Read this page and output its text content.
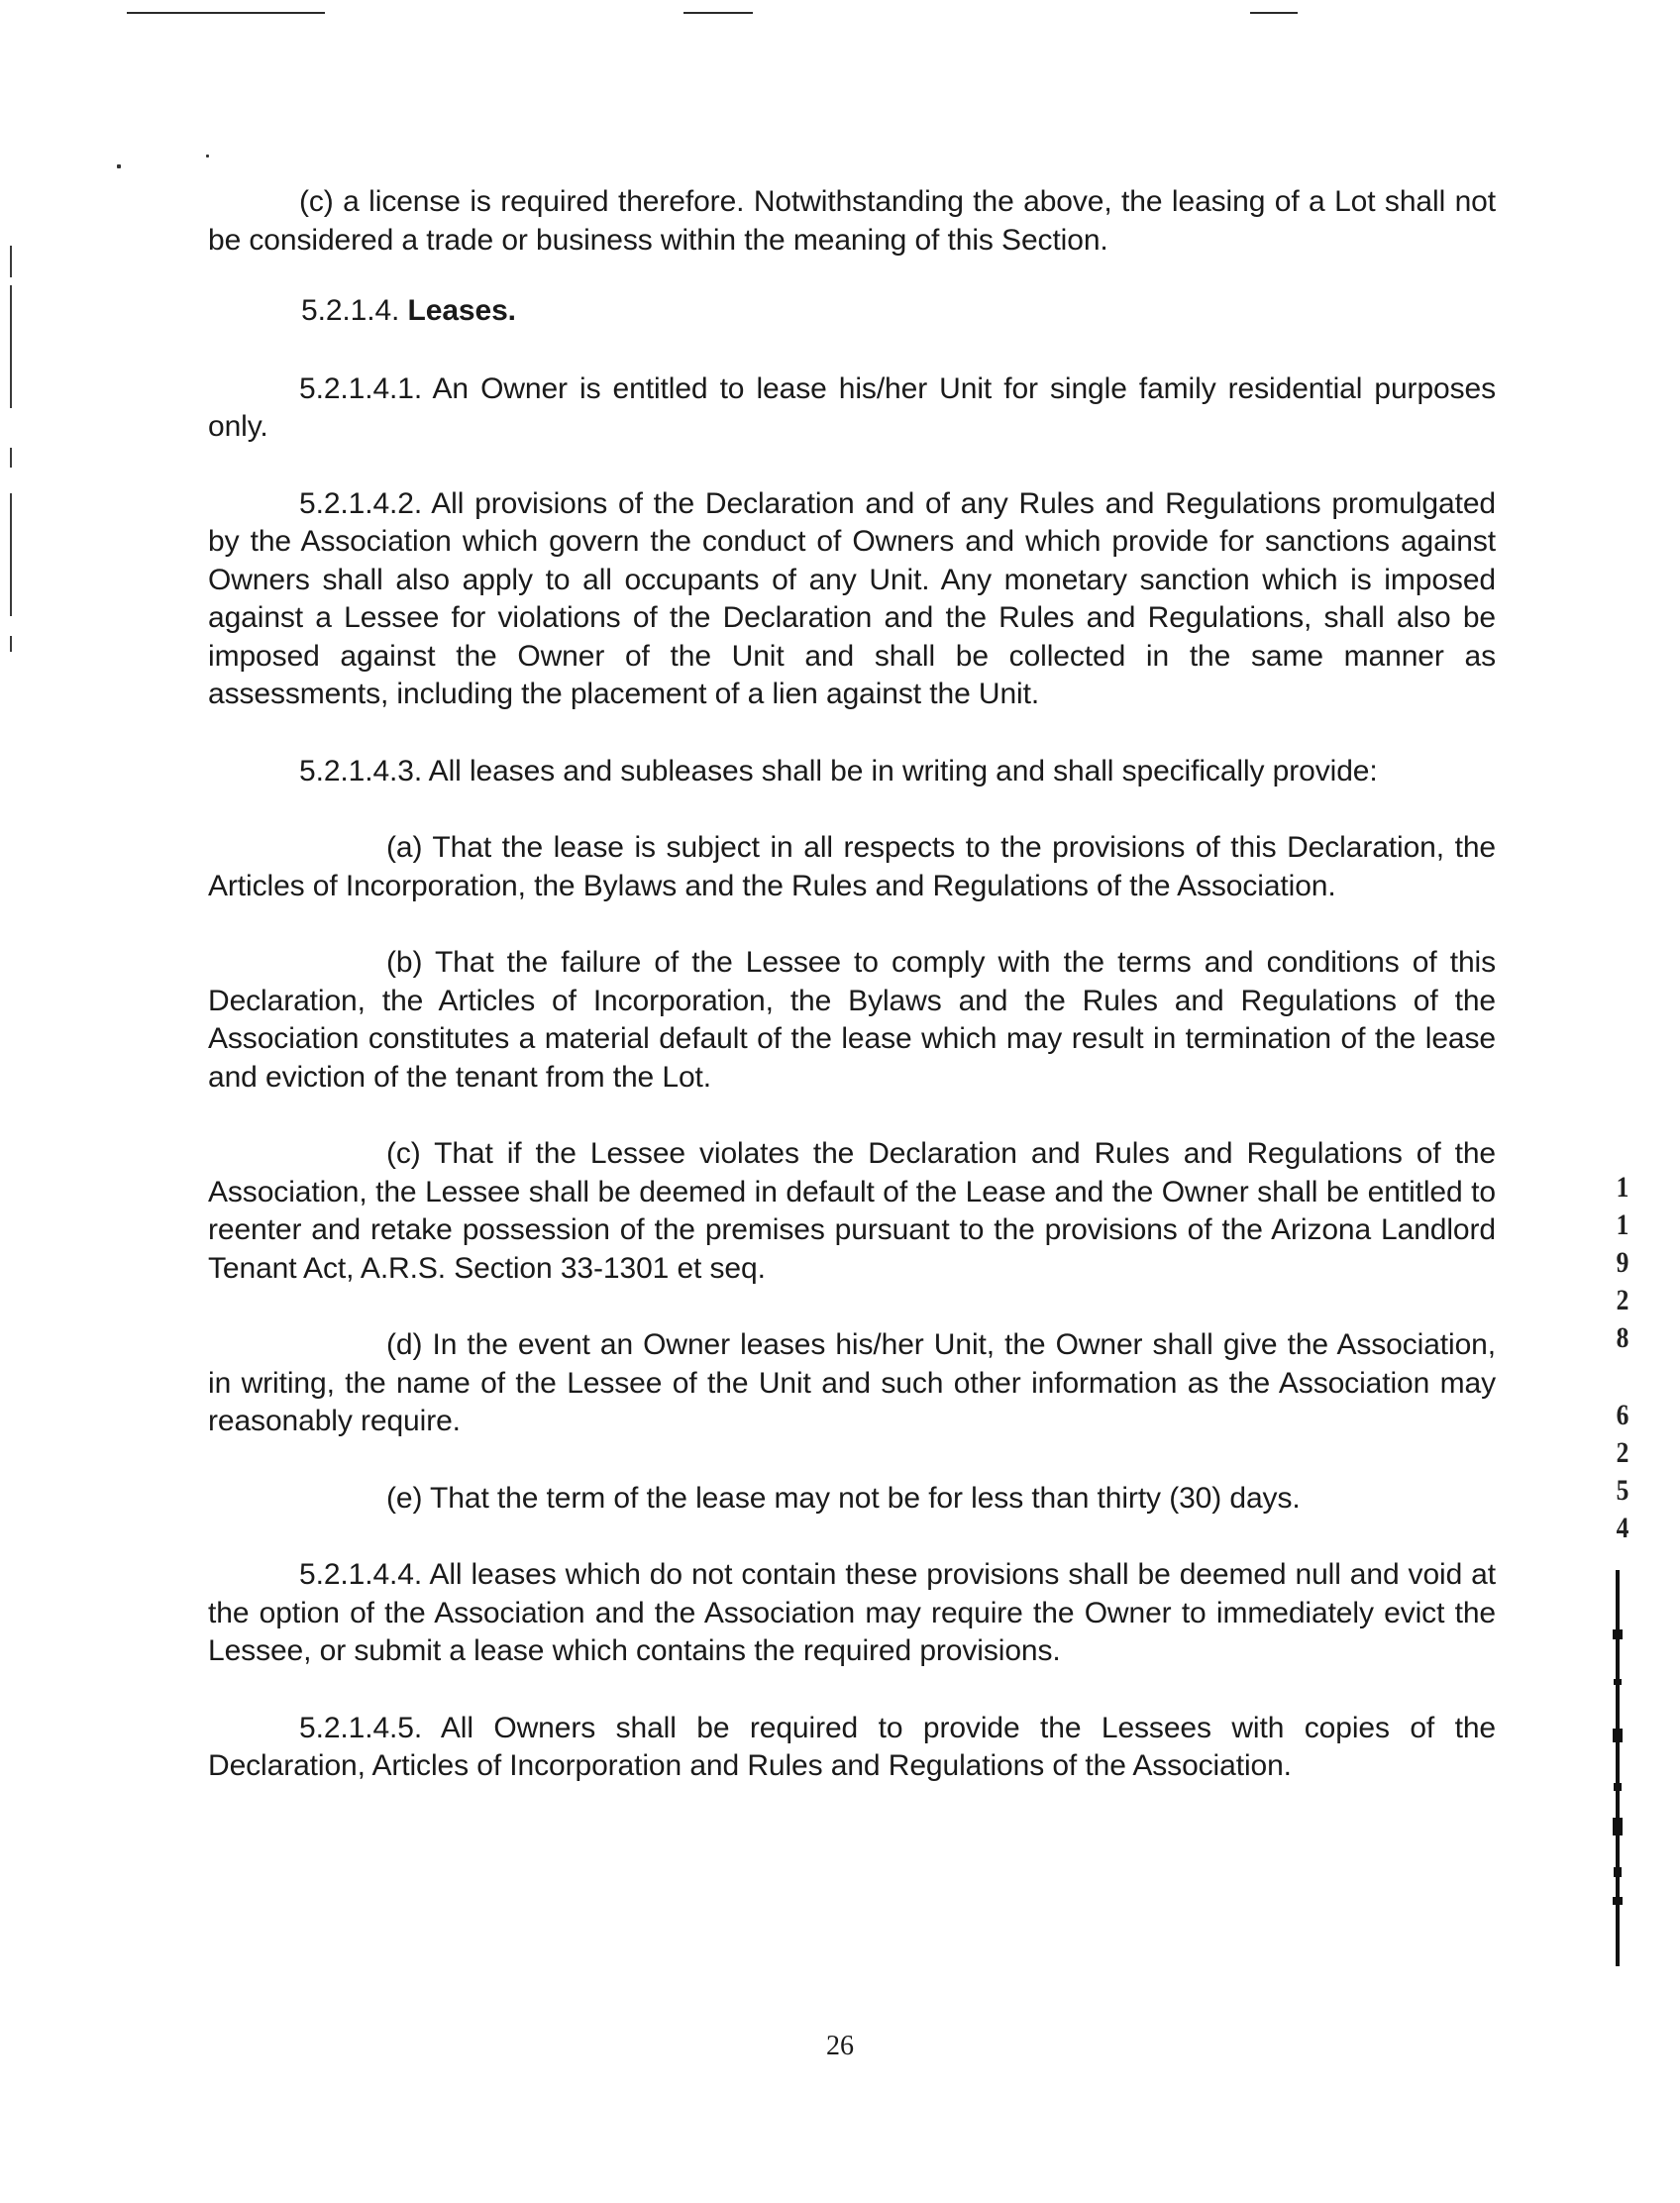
(c) a license is required therefore. Notwithstanding the above, the leasing of a Lot shall not be considered a trade or business within the meaning of this Section.

5.2.1.4. Leases.

5.2.1.4.1. An Owner is entitled to lease his/her Unit for single family residential purposes only.

5.2.1.4.2. All provisions of the Declaration and of any Rules and Regulations promulgated by the Association which govern the conduct of Owners and which provide for sanctions against Owners shall also apply to all occupants of any Unit. Any monetary sanction which is imposed against a Lessee for violations of the Declaration and the Rules and Regulations, shall also be imposed against the Owner of the Unit and shall be collected in the same manner as assessments, including the placement of a lien against the Unit.

5.2.1.4.3. All leases and subleases shall be in writing and shall specifically provide:

(a) That the lease is subject in all respects to the provisions of this Declaration, the Articles of Incorporation, the Bylaws and the Rules and Regulations of the Association.

(b) That the failure of the Lessee to comply with the terms and conditions of this Declaration, the Articles of Incorporation, the Bylaws and the Rules and Regulations of the Association constitutes a material default of the lease which may result in termination of the lease and eviction of the tenant from the Lot.

(c) That if the Lessee violates the Declaration and Rules and Regulations of the Association, the Lessee shall be deemed in default of the Lease and the Owner shall be entitled to reenter and retake possession of the premises pursuant to the provisions of the Arizona Landlord Tenant Act, A.R.S. Section 33-1301 et seq.

(d) In the event an Owner leases his/her Unit, the Owner shall give the Association, in writing, the name of the Lessee of the Unit and such other information as the Association may reasonably require.

(e) That the term of the lease may not be for less than thirty (30) days.

5.2.1.4.4. All leases which do not contain these provisions shall be deemed null and void at the option of the Association and the Association may require the Owner to immediately evict the Lessee, or submit a lease which contains the required provisions.

5.2.1.4.5. All Owners shall be required to provide the Lessees with copies of the Declaration, Articles of Incorporation and Rules and Regulations of the Association.

26
1
1
9
2
8
6
2
5
4
